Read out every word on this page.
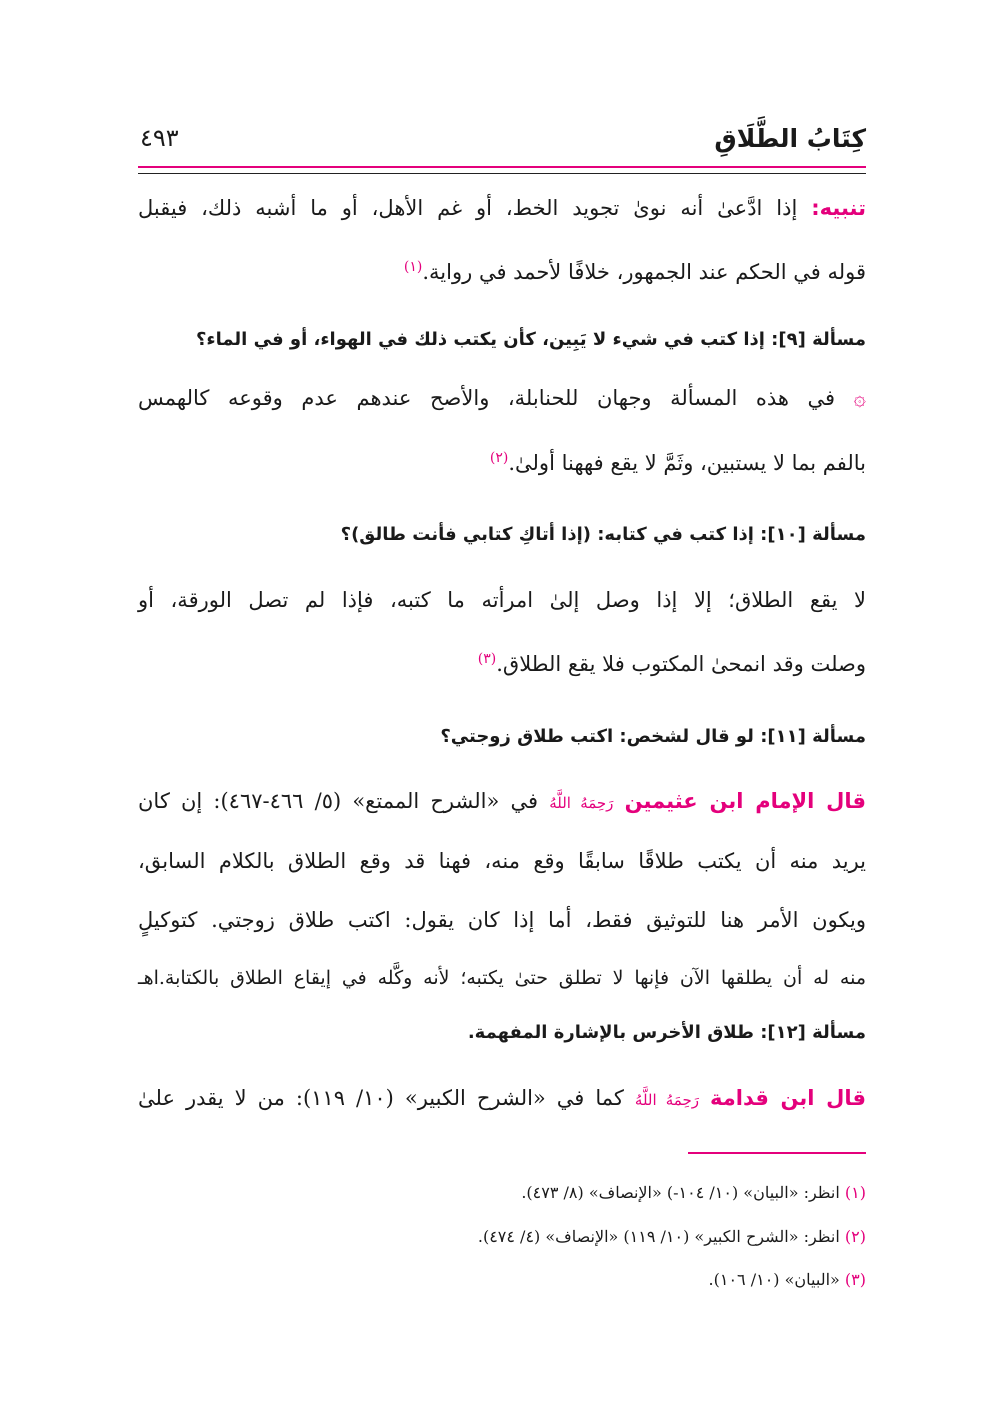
كِتَابُ الطَّلَاقِ
٤٩٣
تنبيه: إذا ادَّعىٰ أنه نوىٰ تجويد الخط، أو غم الأهل، أو ما أشبه ذلك، فيقبل
قوله في الحكم عند الجمهور، خلافًا لأحمد في رواية.$^{(١)}$
مسألة [٩]: إذا كتب في شيء لا يَبِين، كأن يكتب ذلك في الهواء، أو في الماء؟
۞ في هذه المسألة وجهان للحنابلة، والأصح عندهم عدم وقوعه كالهمس
بالفم بما لا يستبين، وثَمَّ لا يقع فههنا أولىٰ.$^{(٢)}$
مسألة [١٠]: إذا كتب في كتابه: (إذا أتاكِ كتابي فأنت طالق)؟
لا يقع الطلاق؛ إلا إذا وصل إلىٰ امرأته ما كتبه، فإذا لم تصل الورقة، أو
وصلت وقد انمحىٰ المكتوب فلا يقع الطلاق.$^{(٣)}$
مسألة [١١]: لو قال لشخص: اكتب طلاق زوجتي؟
قال الإمام ابن عثيمين رَحِمَهُ اللَّهُ في «الشرح الممتع» (٥/ ٤٦٦-٤٦٧): إن كان
يريد منه أن يكتب طلاقًا سابقًا وقع منه، فهنا قد وقع الطلاق بالكلام السابق،
ويكون الأمر هنا للتوثيق فقط، أما إذا كان يقول: اكتب طلاق زوجتي. كتوكيلٍ
منه له أن يطلقها الآن فإنها لا تطلق حتىٰ يكتبه؛ لأنه وكَّله في إيقاع الطلاق بالكتابة.اهـ
مسألة [١٢]: طلاق الأخرس بالإشارة المفهمة.
قال ابن قدامة رَحِمَهُ اللَّهُ كما في «الشرح الكبير» (١٠/ ١١٩): من لا يقدر علىٰ
(١) انظر: «البيان» (١٠/ ١٠٤-) «الإنصاف» (٨/ ٤٧٣).
(٢) انظر: «الشرح الكبير» (١٠/ ١١٩) «الإنصاف» (٤/ ٤٧٤).
(٣) «البيان» (١٠/ ١٠٦).
